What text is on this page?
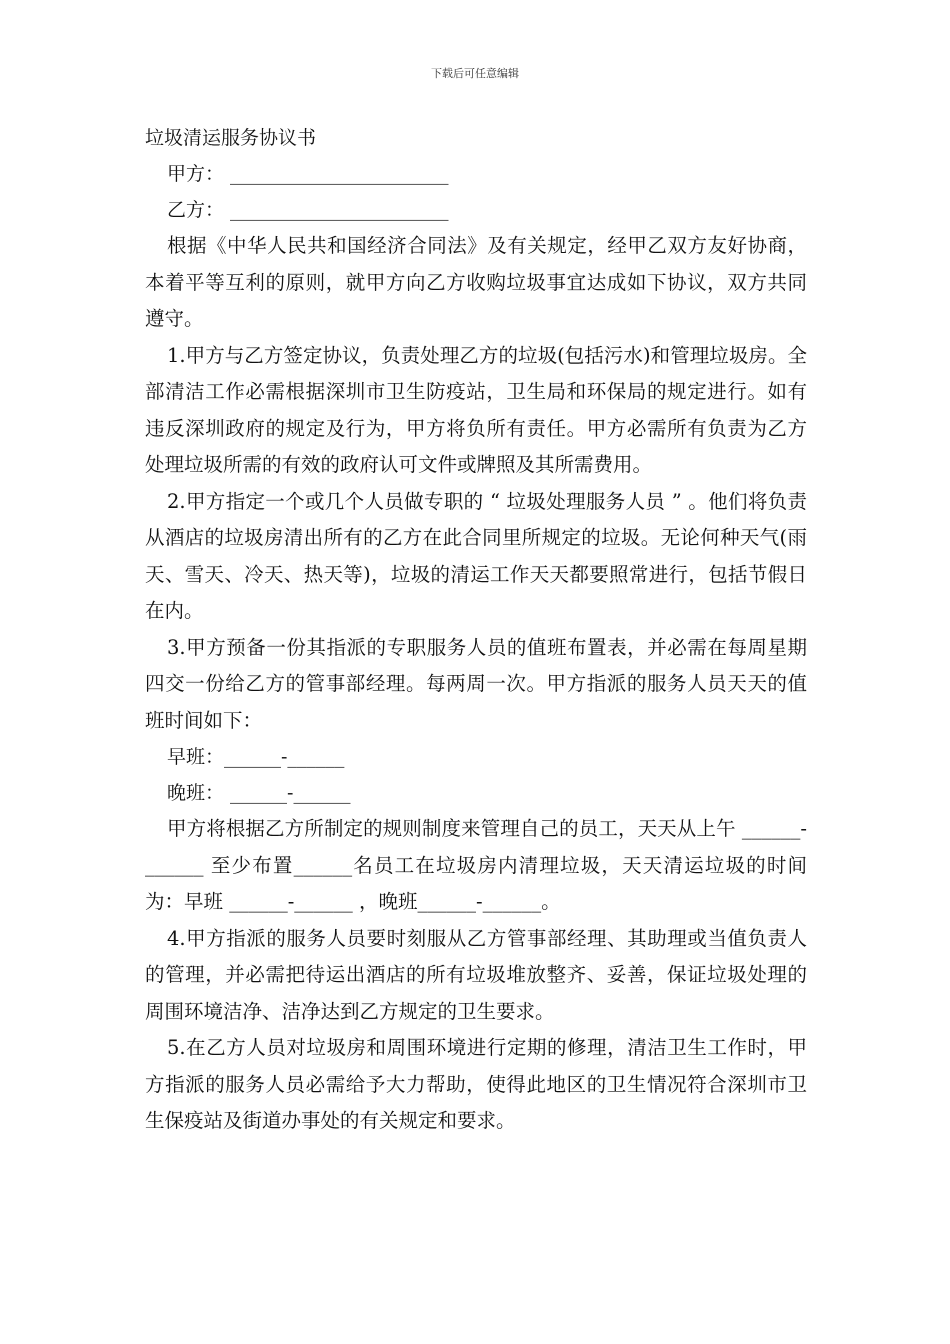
下载后可任意编辑

垃圾清运服务协议书

甲方： _______________________

乙方： _______________________

根据《中华人民共和国经济合同法》及有关规定，经甲乙双方友好协商，本着平等互利的原则，就甲方向乙方收购垃圾事宜达成如下协议，双方共同遵守。

1.甲方与乙方签定协议，负责处理乙方的垃圾(包括污水)和管理垃圾房。全部清洁工作必需根据深圳市卫生防疫站，卫生局和环保局的规定进行。如有违反深圳政府的规定及行为，甲方将负所有责任。甲方必需所有负责为乙方处理垃圾所需的有效的政府认可文件或牌照及其所需费用。

2.甲方指定一个或几个人员做专职的 “ 垃圾处理服务人员 ” 。他们将负责从酒店的垃圾房清出所有的乙方在此合同里所规定的垃圾。无论何种天气(雨天、雪天、冷天、热天等)，垃圾的清运工作天天都要照常进行，包括节假日在内。

3.甲方预备一份其指派的专职服务人员的值班布置表，并必需在每周星期四交一份给乙方的管事部经理。每两周一次。甲方指派的服务人员天天的值班时间如下：

早班：______-______

晚班： ______-______

甲方将根据乙方所制定的规则制度来管理自己的员工，天天从上午 ______-______ 至少布置______名员工在垃圾房内清理垃圾，天天清运垃圾的时间为：早班 ______-______ ，晚班______-______。

4.甲方指派的服务人员要时刻服从乙方管事部经理、其助理或当值负责人的管理，并必需把待运出酒店的所有垃圾堆放整齐、妥善，保证垃圾处理的周围环境洁净、洁净达到乙方规定的卫生要求。

5.在乙方人员对垃圾房和周围环境进行定期的修理，清洁卫生工作时，甲方指派的服务人员必需给予大力帮助，使得此地区的卫生情况符合深圳市卫生保疫站及街道办事处的有关规定和要求。
